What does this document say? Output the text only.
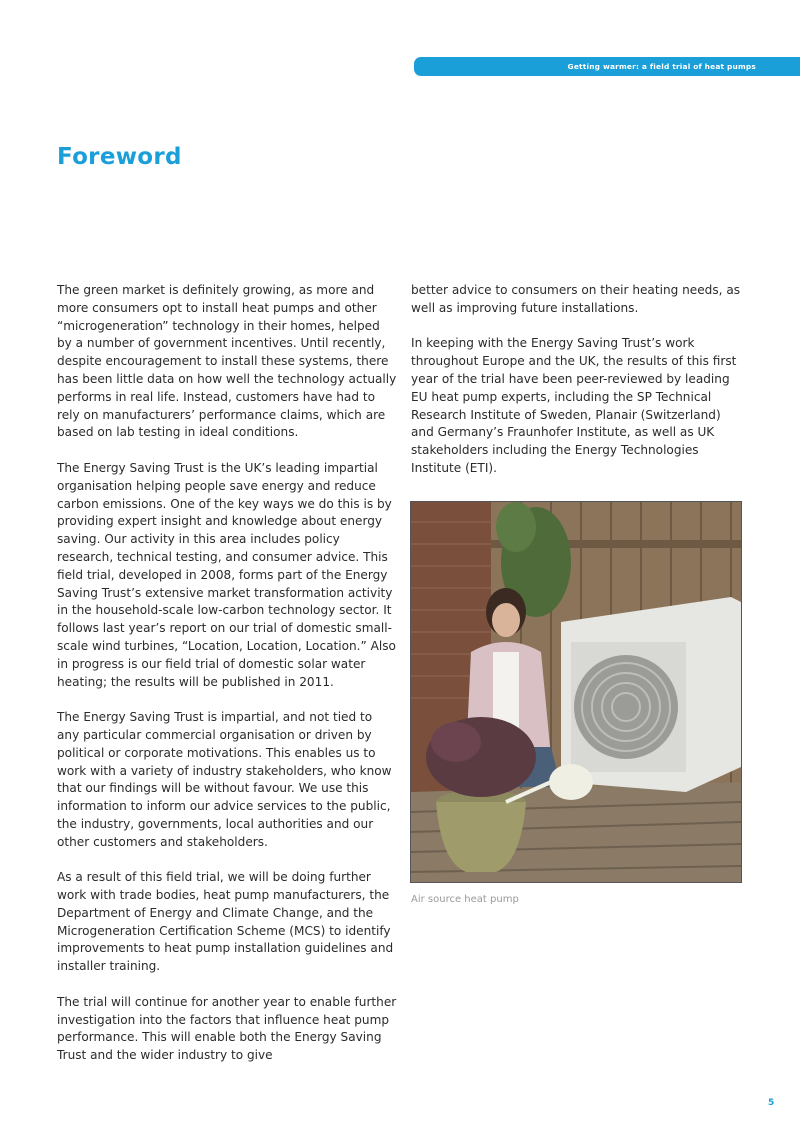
Getting warmer: a field trial of heat pumps
Foreword

The green market is definitely growing, as more and more consumers opt to install heat pumps and other “microgeneration” technology in their homes, helped by a number of government incentives. Until recently, despite encouragement to install these systems, there has been little data on how well the technology actually performs in real life. Instead, customers have had to rely on manufacturers’ performance claims, which are based on lab testing in ideal conditions.

The Energy Saving Trust is the UK’s leading impartial organisation helping people save energy and reduce carbon emissions. One of the key ways we do this is by providing expert insight and knowledge about energy saving. Our activity in this area includes policy research, technical testing, and consumer advice. This field trial, developed in 2008, forms part of the Energy Saving Trust’s extensive market transformation activity in the household-scale low-carbon technology sector. It follows last year’s report on our trial of domestic small-scale wind turbines, “Location, Location, Location.” Also in progress is our field trial of domestic solar water heating; the results will be published in 2011.

The Energy Saving Trust is impartial, and not tied to any particular commercial organisation or driven by political or corporate motivations. This enables us to work with a variety of industry stakeholders, who know that our findings will be without favour. We use this information to inform our advice services to the public, the industry, governments, local authorities and our other customers and stakeholders.

As a result of this field trial, we will be doing further work with trade bodies, heat pump manufacturers, the Department of Energy and Climate Change, and the Microgeneration Certification Scheme (MCS) to identify improvements to heat pump installation guidelines and installer training.

The trial will continue for another year to enable further investigation into the factors that influence heat pump performance. This will enable both the Energy Saving Trust and the wider industry to give

better advice to consumers on their heating needs, as well as improving future installations.

In keeping with the Energy Saving Trust’s work throughout Europe and the UK, the results of this first year of the trial have been peer-reviewed by leading EU heat pump experts, including the SP Technical Research Institute of Sweden, Planair (Switzerland) and Germany’s Fraunhofer Institute, as well as UK stakeholders including the Energy Technologies Institute (ETI).

Air source heat pump
5
